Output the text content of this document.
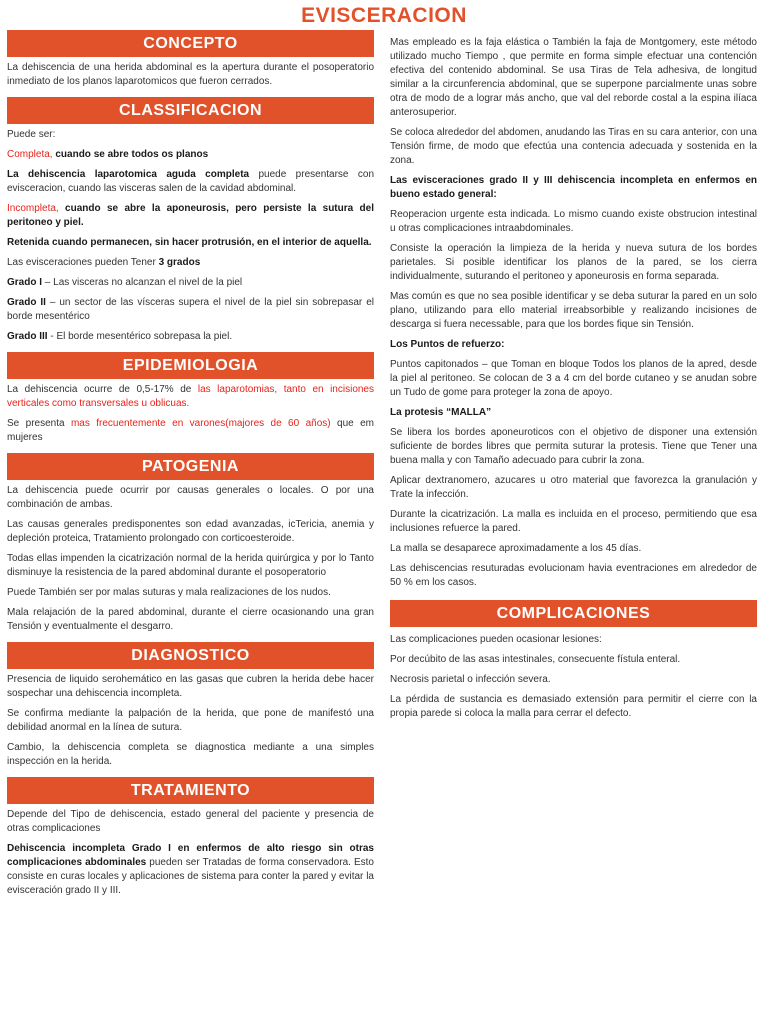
EVISCERACION
CONCEPTO

La dehiscencia de una herida abdominal es la apertura durante el posoperatorio inmediato de los planos laparotomicos que fueron cerrados.

CLASSIFICACION

Puede ser:

Completa, cuando se abre todos os planos

La dehiscencia laparotomica aguda completa puede presentarse con evisceracion, cuando las visceras salen de la cavidad abdominal.

Incompleta, cuando se abre la aponeurosis, pero persiste la sutura del peritoneo y piel.

Retenida cuando permanecen, sin hacer protrusión, en el interior de aquella.

Las evisceraciones pueden Tener 3 grados

Grado I – Las visceras no alcanzan el nivel de la piel

Grado II – un sector de las vísceras supera el nivel de la piel sin sobrepasar el borde mesentérico

Grado III - El borde mesentérico sobrepasa la piel.

EPIDEMIOLOGIA

La dehiscencia ocurre de 0,5-17% de las laparotomias, tanto en incisiones verticales como transversales u oblicuas.

Se presenta mas frecuentemente en varones(majores de 60 años) que em mujeres

PATOGENIA

La dehiscencia puede ocurrir por causas generales o locales. O por una combinación de ambas.

Las causas generales predisponentes son edad avanzadas, icTericia, anemia y depleción proteica, Tratamiento prolongado con corticoesteroide.

Todas ellas impenden la cicatrización normal de la herida quirúrgica y por lo Tanto disminuye la resistencia de la pared abdominal durante el posoperatorio

Puede También ser por malas suturas y mala realizaciones de los nudos.

Mala relajación de la pared abdominal, durante el cierre ocasionando una gran Tensión y eventualmente el desgarro.

DIAGNOSTICO

Presencia de liquido serohemático en las gasas que cubren la herida debe hacer sospechar una dehiscencia incompleta.

Se confirma mediante la palpación de la herida, que pone de manifestó una debilidad anormal en la línea de sutura.

Cambio, la dehiscencia completa se diagnostica mediante a una simples inspección en la herida.

TRATAMIENTO

Depende del Tipo de dehiscencia, estado general del paciente y presencia de otras complicaciones

Dehiscencia incompleta Grado I en enfermos de alto riesgo sin otras complicaciones abdominales pueden ser Tratadas de forma conservadora. Esto consiste en curas locales y aplicaciones de sistema para conter la pared y evitar la evisceración grado II y III.

Mas empleado es la faja elástica o También la faja de Montgomery, este método utilizado mucho Tiempo , que permite en forma simple efectuar una contención efectiva del contenido abdominal. Se usa Tiras de Tela adhesiva, de longitud similar a la circunferencia abdominal, que se superpone parcialmente unas sobre otra de modo de a lograr más ancho, que val del reborde costal a la espina ilíaca anterosuperior.

Se coloca alrededor del abdomen, anudando las Tiras en su cara anterior, con una Tensión firme, de modo que efectúa una contencia adecuada y sostenida en la zona.

Las evisceraciones grado II y III dehiscencia incompleta en enfermos en bueno estado general:

Reoperacion urgente esta indicada. Lo mismo cuando existe obstrucion intestinal u otras complicaciones intraabdominales.

Consiste la operación la limpieza de la herida y nueva sutura de los bordes parietales. Si posible identificar los planos de la pared, se los cierra individualmente, suturando el peritoneo y aponeurosis en forma separada.

Mas común es que no sea posible identificar y se deba suturar la pared en un solo plano, utilizando para ello material irreabsorbible y realizando incisiones de descarga si fuera necessable, para que los bordes fique sin Tensión.

Los Puntos de refuerzo:

Puntos capitonados – que Toman en bloque Todos los planos de la apred, desde la piel al peritoneo. Se colocan de 3 a 4 cm del borde cutaneo y se anudan sobre un Tudo de gome para proteger la zona de apoyo.

La protesis “MALLA”

Se libera los bordes aponeuroticos con el objetivo de disponer una extensión suficiente de bordes libres que permita suturar la protesis. Tiene que Tener una buena malla y con Tamaño adecuado para cubrir la zona.

Aplicar dextranomero, azucares u otro material que favorezca la granulación y Trate la infección.

Durante la cicatrización. La malla es incluida en el proceso, permitiendo que esa inclusiones refuerce la pared.

La malla se desaparece aproximadamente a los 45 días.

Las dehiscencias resuturadas evolucionam havia eventraciones em alrededor de 50 % em los casos.

COMPLICACIONES

Las complicaciones pueden ocasionar lesiones:

Por decúbito de las asas intestinales, consecuente fístula enteral.

Necrosis parietal o infección severa.

La pérdida de sustancia es demasiado extensión para permitir el cierre con la propia parede si coloca la malla para cerrar el defecto.
